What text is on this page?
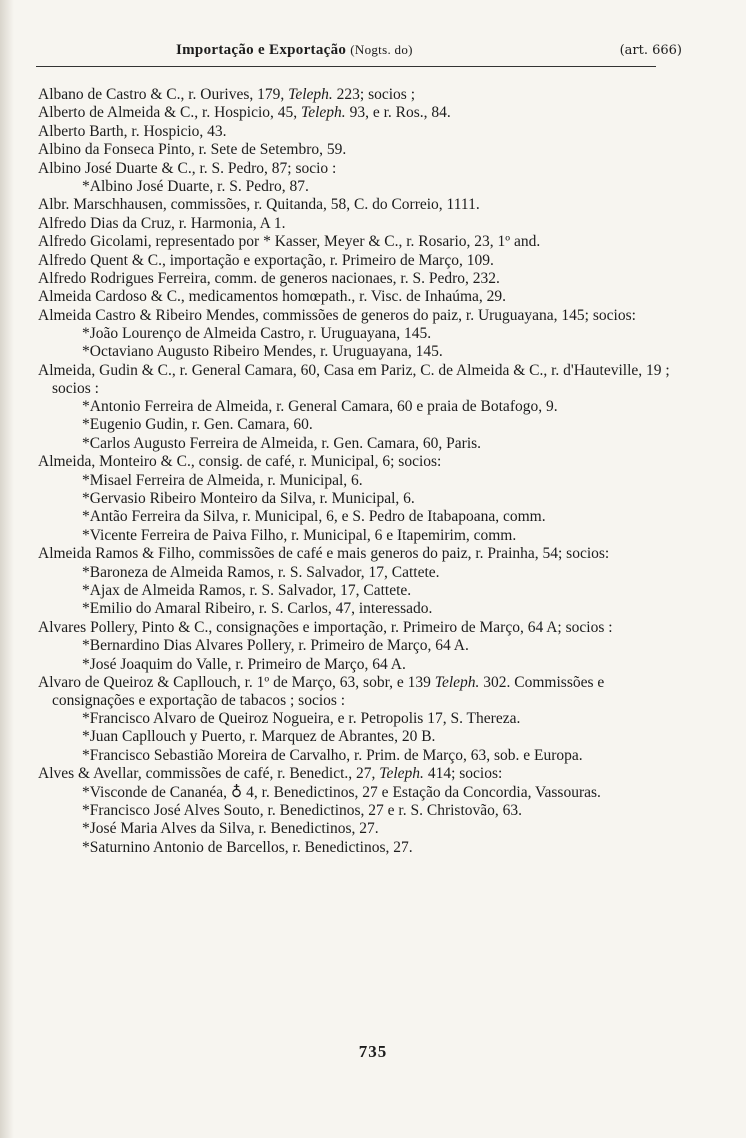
Importação e Exportação (Nogts. do)	(art. 666)
Albano de Castro & C., r. Ourives, 179, Teleph. 223; socios ;
Alberto de Almeida & C., r. Hospicio, 45, Teleph. 93, e r. Ros., 84.
Alberto Barth, r. Hospicio, 43.
Albino da Fonseca Pinto, r. Sete de Setembro, 59.
Albino José Duarte & C., r. S. Pedro, 87; socio :
*Albino José Duarte, r. S. Pedro, 87.
Albr. Marschhausen, commissões, r. Quitanda, 58, C. do Correio, 1111.
Alfredo Dias da Cruz, r. Harmonia, A 1.
Alfredo Gicolami, representado por * Kasser, Meyer & C., r. Rosario, 23, 1º and.
Alfredo Quent & C., importação e exportação, r. Primeiro de Março, 109.
Alfredo Rodrigues Ferreira, comm. de generos nacionaes, r. S. Pedro, 232.
Almeida Cardoso & C., medicamentos homœpath., r. Visc. de Inhaúma, 29.
Almeida Castro & Ribeiro Mendes, commissões de generos do paiz, r. Uruguayana, 145; socios:
*João Lourenço de Almeida Castro, r. Uruguayana, 145.
*Octaviano Augusto Ribeiro Mendes, r. Uruguayana, 145.
Almeida, Gudin & C., r. General Camara, 60, Casa em Pariz, C. de Almeida & C., r. d'Hauteville, 19 ; socios :
*Antonio Ferreira de Almeida, r. General Camara, 60 e praia de Botafogo, 9.
*Eugenio Gudin, r. Gen. Camara, 60.
*Carlos Augusto Ferreira de Almeida, r. Gen. Camara, 60, Paris.
Almeida, Monteiro & C., consig. de café, r. Municipal, 6; socios:
*Misael Ferreira de Almeida, r. Municipal, 6.
*Gervasio Ribeiro Monteiro da Silva, r. Municipal, 6.
*Antão Ferreira da Silva, r. Municipal, 6, e S. Pedro de Itabapoana, comm.
*Vicente Ferreira de Paiva Filho, r. Municipal, 6 e Itapemirim, comm.
Almeida Ramos & Filho, commissões de café e mais generos do paiz, r. Prainha, 54; socios:
*Baroneza de Almeida Ramos, r. S. Salvador, 17, Cattete.
*Ajax de Almeida Ramos, r. S. Salvador, 17, Cattete.
*Emilio do Amaral Ribeiro, r. S. Carlos, 47, interessado.
Alvares Pollery, Pinto & C., consignações e importação, r. Primeiro de Março, 64 A; socios :
*Bernardino Dias Alvares Pollery, r. Primeiro de Março, 64 A.
*José Joaquim do Valle, r. Primeiro de Março, 64 A.
Alvaro de Queiroz & Capllouch, r. 1º de Março, 63, sobr, e 139 Teleph. 302. Commissões e consignações e exportação de tabacos ; socios :
*Francisco Alvaro de Queiroz Nogueira, e r. Petropolis 17, S. Thereza.
*Juan Capllouch y Puerto, r. Marquez de Abrantes, 20 B.
*Francisco Sebastião Moreira de Carvalho, r. Prim. de Março, 63, sob. e Europa.
Alves & Avellar, commissões de café, r. Benedict., 27, Teleph. 414; socios:
*Visconde de Cananéa, ♁ 4, r. Benedictinos, 27 e Estação da Concordia, Vassouras.
*Francisco José Alves Souto, r. Benedictinos, 27 e r. S. Christovão, 63.
*José Maria Alves da Silva, r. Benedictinos, 27.
*Saturnino Antonio de Barcellos, r. Benedictinos, 27.
735
